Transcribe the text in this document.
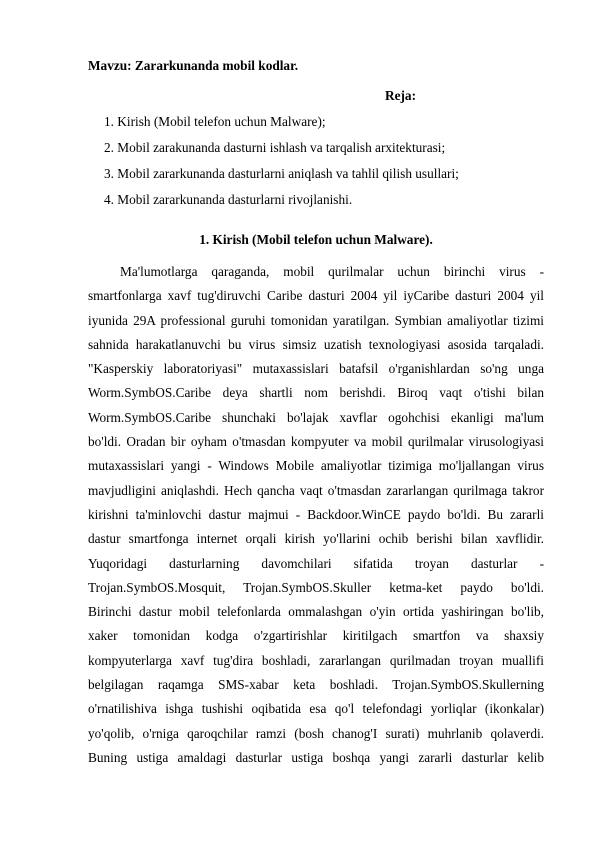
Mavzu: Zararkunanda mobil kodlar.

Reja:

1. Kirish (Mobil telefon uchun Malware);
2. Mobil zarakunanda dasturni ishlash va tarqalish arxitekturasi;
3. Mobil zararkunanda dasturlarni aniqlash va tahlil qilish usullari;
4. Mobil zararkunanda dasturlarni rivojlanishi.

1. Kirish (Mobil telefon uchun Malware).

Ma'lumotlarga qaraganda, mobil qurilmalar uchun birinchi virus -
smartfonlarga xavf tug'diruvchi Caribe dasturi 2004 yil iyCaribe dasturi 2004 yil
iyunida 29A professional guruhi tomonidan yaratilgan. Symbian amaliyotlar tizimi
sahnida harakatlanuvchi bu virus simsiz uzatish texnologiyasi asosida tarqaladi.
"Kasperskiy laboratoriyasi" mutaxassislari batafsil o'rganishlardan so'ng unga
Worm.SymbOS.Caribe deya shartli nom berishdi. Biroq vaqt o'tishi bilan
Worm.SymbOS.Caribe shunchaki bo'lajak xavflar ogohchisi ekanligi ma'lum
bo'ldi. Oradan bir oyham o'tmasdan kompyuter va mobil qurilmalar virusologiyasi
mutaxassislari yangi - Windows Mobile amaliyotlar tizimiga mo'ljallangan virus
mavjudligini aniqlashdi. Hech qancha vaqt o'tmasdan zararlangan qurilmaga takror
kirishni ta'minlovchi dastur majmui - Backdoor.WinCE paydo bo'ldi. Bu zararli
dastur smartfonga internet orqali kirish yo'llarini ochib berishi bilan xavflidir.
Yuqoridagi dasturlarning davomchilari sifatida troyan dasturlar -
Trojan.SymbOS.Mosquit, Trojan.SymbOS.Skuller ketma-ket paydo bo'ldi.
Birinchi dastur mobil telefonlarda ommalashgan o'yin ortida yashiringan bo'lib,
xaker tomonidan kodga o'zgartirishlar kiritilgach smartfon va shaxsiy
kompyuterlarga xavf tug'dira boshladi, zararlangan qurilmadan troyan muallifi
belgilagan raqamga SMS-xabar keta boshladi. Trojan.SymbOS.Skullerning
o'rnatilishiva ishga tushishi oqibatida esa qo'l telefondagi yorliqlar (ikonkalar)
yo'qolib, o'rniga qaroqchilar ramzi (bosh chanog'I surati) muhrlanib qolaverdi.
Buning ustiga amaldagi dasturlar ustiga boshqa yangi zararli dasturlar kelib
